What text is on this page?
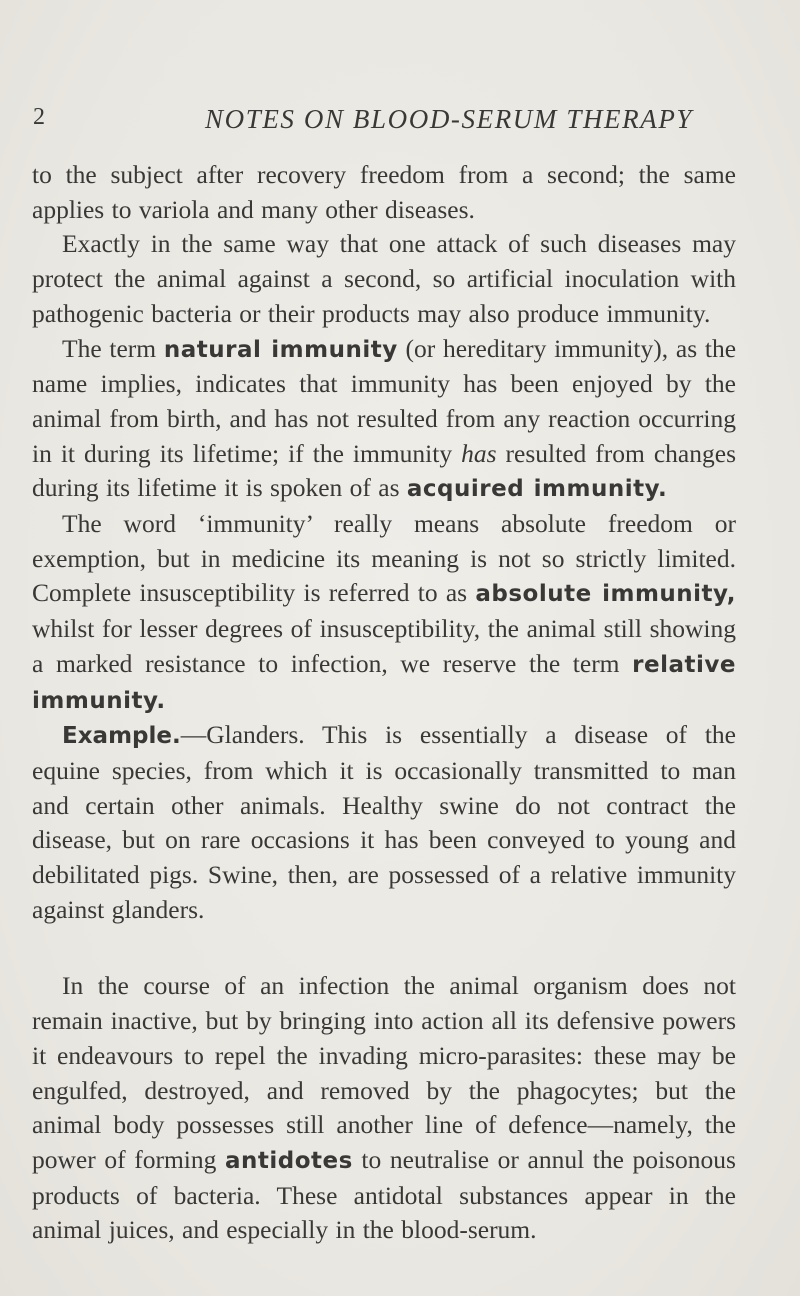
2	NOTES ON BLOOD-SERUM THERAPY

to the subject after recovery freedom from a second; the same applies to variola and many other diseases.

Exactly in the same way that one attack of such diseases may protect the animal against a second, so artificial inoculation with pathogenic bacteria or their products may also produce immunity.

The term natural immunity (or hereditary immunity), as the name implies, indicates that immunity has been enjoyed by the animal from birth, and has not resulted from any reaction occurring in it during its lifetime; if the immunity has resulted from changes during its lifetime it is spoken of as acquired immunity.

The word ‘immunity’ really means absolute freedom or exemption, but in medicine its meaning is not so strictly limited. Complete insusceptibility is referred to as absolute immunity, whilst for lesser degrees of insusceptibility, the animal still showing a marked resistance to infection, we reserve the term relative immunity.

Example.—Glanders. This is essentially a disease of the equine species, from which it is occasionally transmitted to man and certain other animals. Healthy swine do not contract the disease, but on rare occasions it has been conveyed to young and debilitated pigs. Swine, then, are possessed of a relative immunity against glanders.

In the course of an infection the animal organism does not remain inactive, but by bringing into action all its defensive powers it endeavours to repel the invading micro-parasites: these may be engulfed, destroyed, and removed by the phagocytes; but the animal body possesses still another line of defence—namely, the power of forming antidotes to neutralise or annul the poisonous products of bacteria. These antidotal substances appear in the animal juices, and especially in the blood-serum.
